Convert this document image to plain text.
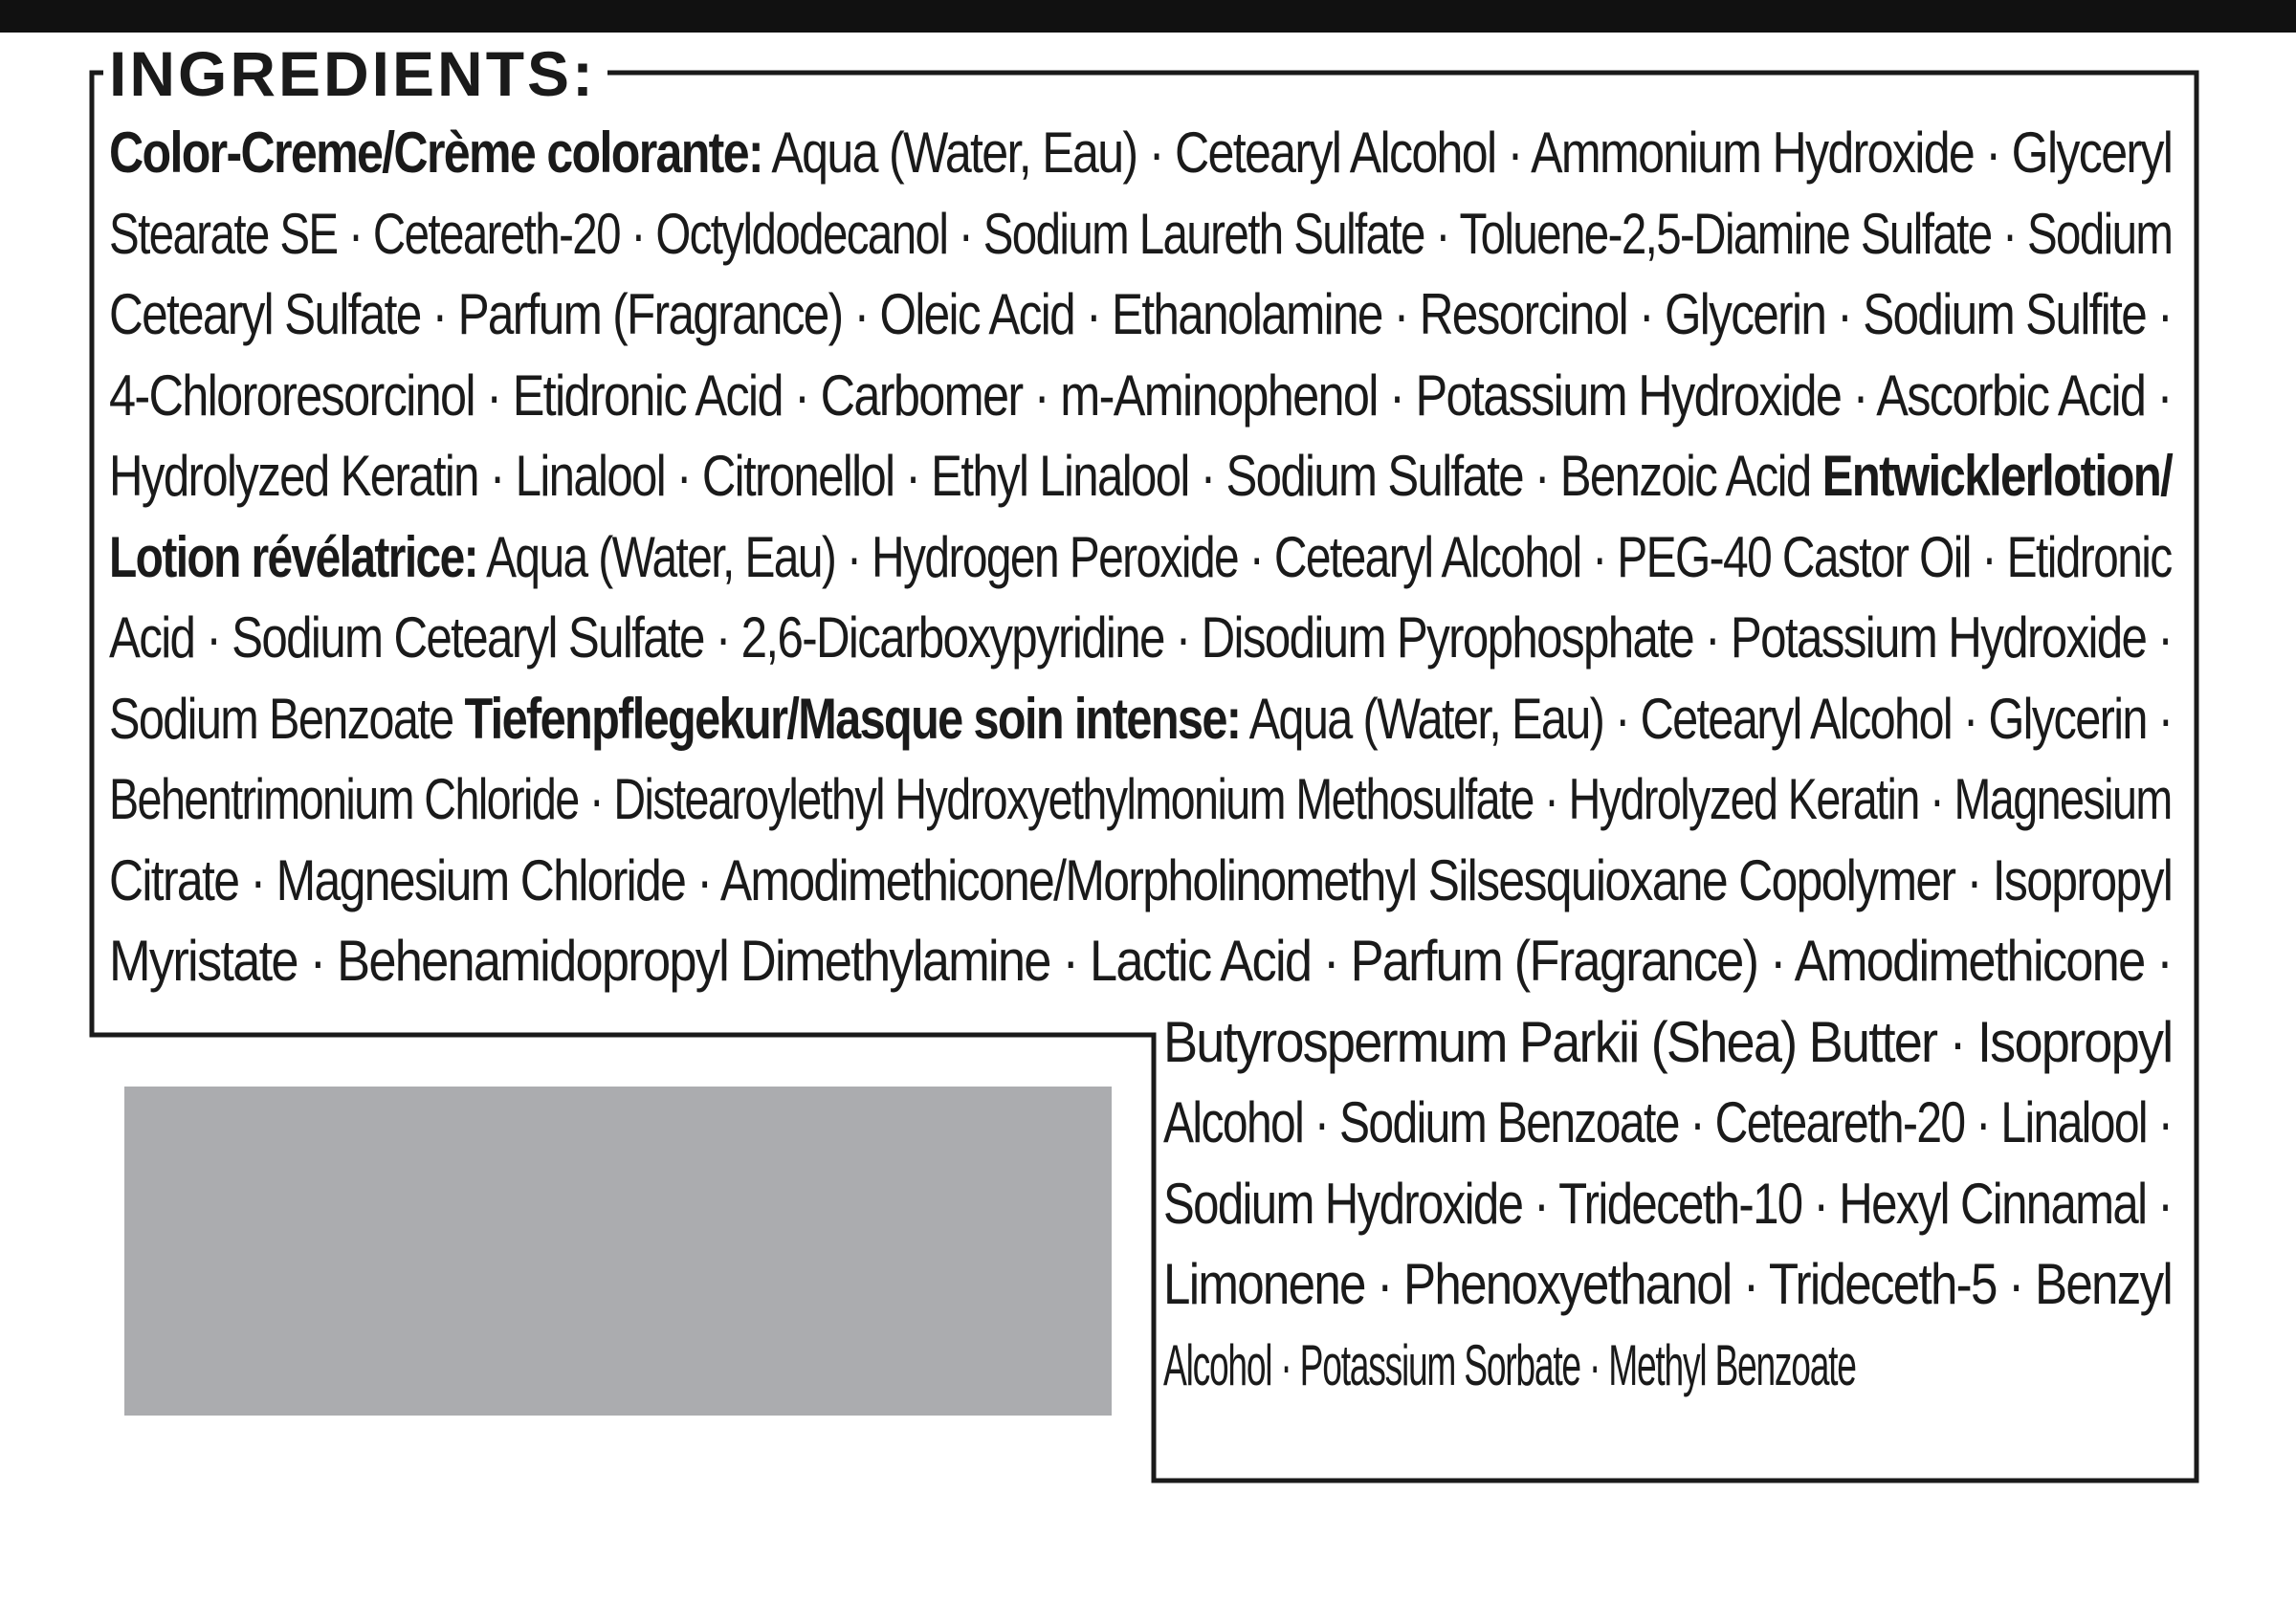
INGREDIENTS:
Color-Creme/Crème colorante: Aqua (Water, Eau) · Cetearyl Alcohol · Ammonium Hydroxide · Glyceryl
Stearate SE · Ceteareth-20 · Octyldodecanol · Sodium Laureth Sulfate · Toluene-2,5-Diamine Sulfate · Sodium
Cetearyl Sulfate · Parfum (Fragrance) · Oleic Acid · Ethanolamine · Resorcinol · Glycerin · Sodium Sulfite ·
4-Chlororesorcinol · Etidronic Acid · Carbomer · m-Aminophenol · Potassium Hydroxide · Ascorbic Acid ·
Hydrolyzed Keratin · Linalool · Citronellol · Ethyl Linalool · Sodium Sulfate · Benzoic Acid Entwicklerlotion/
Lotion révélatrice: Aqua (Water, Eau) · Hydrogen Peroxide · Cetearyl Alcohol · PEG-40 Castor Oil · Etidronic
Acid · Sodium Cetearyl Sulfate · 2,6-Dicarboxypyridine · Disodium Pyrophosphate · Potassium Hydroxide ·
Sodium Benzoate Tiefenpflegekur/Masque soin intense: Aqua (Water, Eau) · Cetearyl Alcohol · Glycerin ·
Behentrimonium Chloride · Distearoylethyl Hydroxyethylmonium Methosulfate · Hydrolyzed Keratin · Magnesium
Citrate · Magnesium Chloride · Amodimethicone/Morpholinomethyl Silsesquioxane Copolymer · Isopropyl
Myristate · Behenamidopropyl Dimethylamine · Lactic Acid · Parfum (Fragrance) · Amodimethicone ·
Butyrospermum Parkii (Shea) Butter · Isopropyl
Alcohol · Sodium Benzoate · Ceteareth-20 · Linalool ·
Sodium Hydroxide · Trideceth-10 · Hexyl Cinnamal ·
Limonene · Phenoxyethanol · Trideceth-5 · Benzyl
Alcohol · Potassium Sorbate · Methyl Benzoate
